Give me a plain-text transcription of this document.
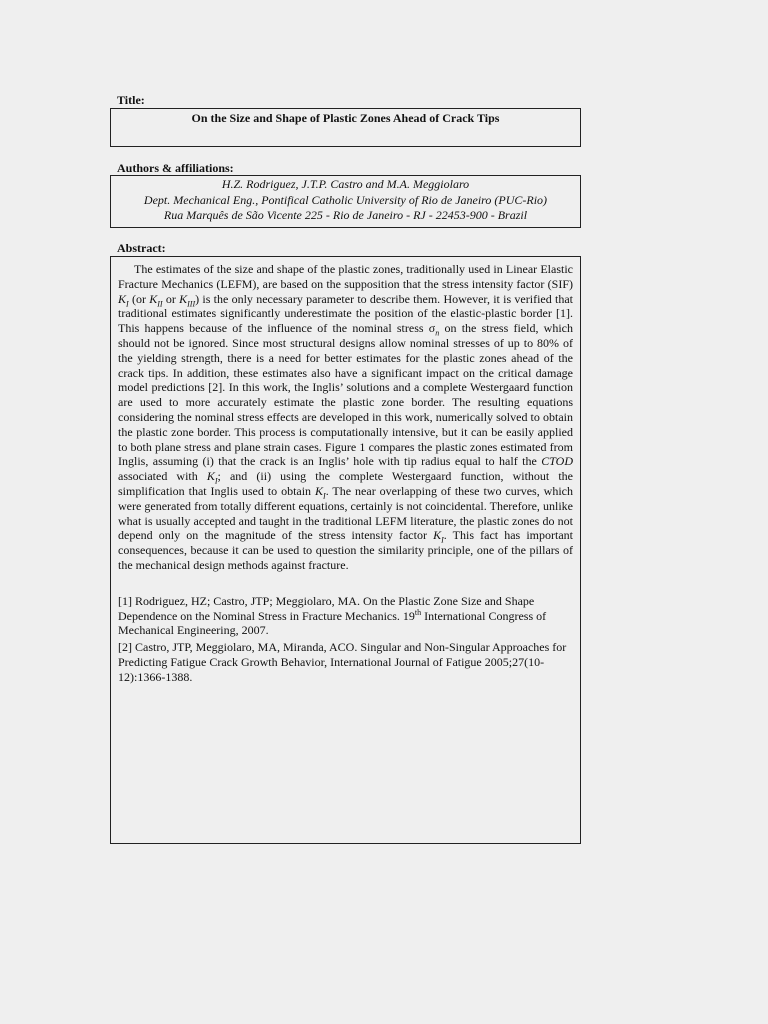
Title:
On the Size and Shape of Plastic Zones Ahead of Crack Tips
Authors & affiliations:
H.Z. Rodriguez, J.T.P. Castro and M.A. Meggiolaro
Dept. Mechanical Eng., Pontifical Catholic University of Rio de Janeiro (PUC-Rio)
Rua Marquês de São Vicente 225 - Rio de Janeiro - RJ - 22453-900 - Brazil
Abstract:

The estimates of the size and shape of the plastic zones, traditionally used in Linear Elastic Fracture Mechanics (LEFM), are based on the supposition that the stress intensity factor (SIF) $K_I$ (or $K_{II}$ or $K_{III}$) is the only necessary parameter to describe them. However, it is verified that traditional estimates significantly underestimate the position of the elastic-plastic border [1]. This happens because of the influence of the nominal stress $\sigma_n$ on the stress field, which should not be ignored. Since most structural designs allow nominal stresses of up to 80% of the yielding strength, there is a need for better estimates for the plastic zones ahead of the crack tips. In addition, these estimates also have a significant impact on the critical damage model predictions [2]. In this work, the Inglis’ solutions and a complete Westergaard function are used to more accurately estimate the plastic zone border. The resulting equations considering the nominal stress effects are developed in this work, numerically solved to obtain the plastic zone border. This process is computationally intensive, but it can be easily applied to both plane stress and plane strain cases. Figure 1 compares the plastic zones estimated from Inglis, assuming (i) that the crack is an Inglis’ hole with tip radius equal to half the CTOD associated with $K_I$; and (ii) using the complete Westergaard function, without the simplification that Inglis used to obtain $K_I$. The near overlapping of these two curves, which were generated from totally different equations, certainly is not coincidental. Therefore, unlike what is usually accepted and taught in the traditional LEFM literature, the plastic zones do not depend only on the magnitude of the stress intensity factor $K_I$. This fact has important consequences, because it can be used to question the similarity principle, one of the pillars of the mechanical design methods against fracture.

[1] Rodriguez, HZ; Castro, JTP; Meggiolaro, MA. On the Plastic Zone Size and Shape Dependence on the Nominal Stress in Fracture Mechanics. 19th International Congress of Mechanical Engineering, 2007.

[2] Castro, JTP, Meggiolaro, MA, Miranda, ACO. Singular and Non-Singular Approaches for Predicting Fatigue Crack Growth Behavior, International Journal of Fatigue 2005;27(10-12):1366-1388.
